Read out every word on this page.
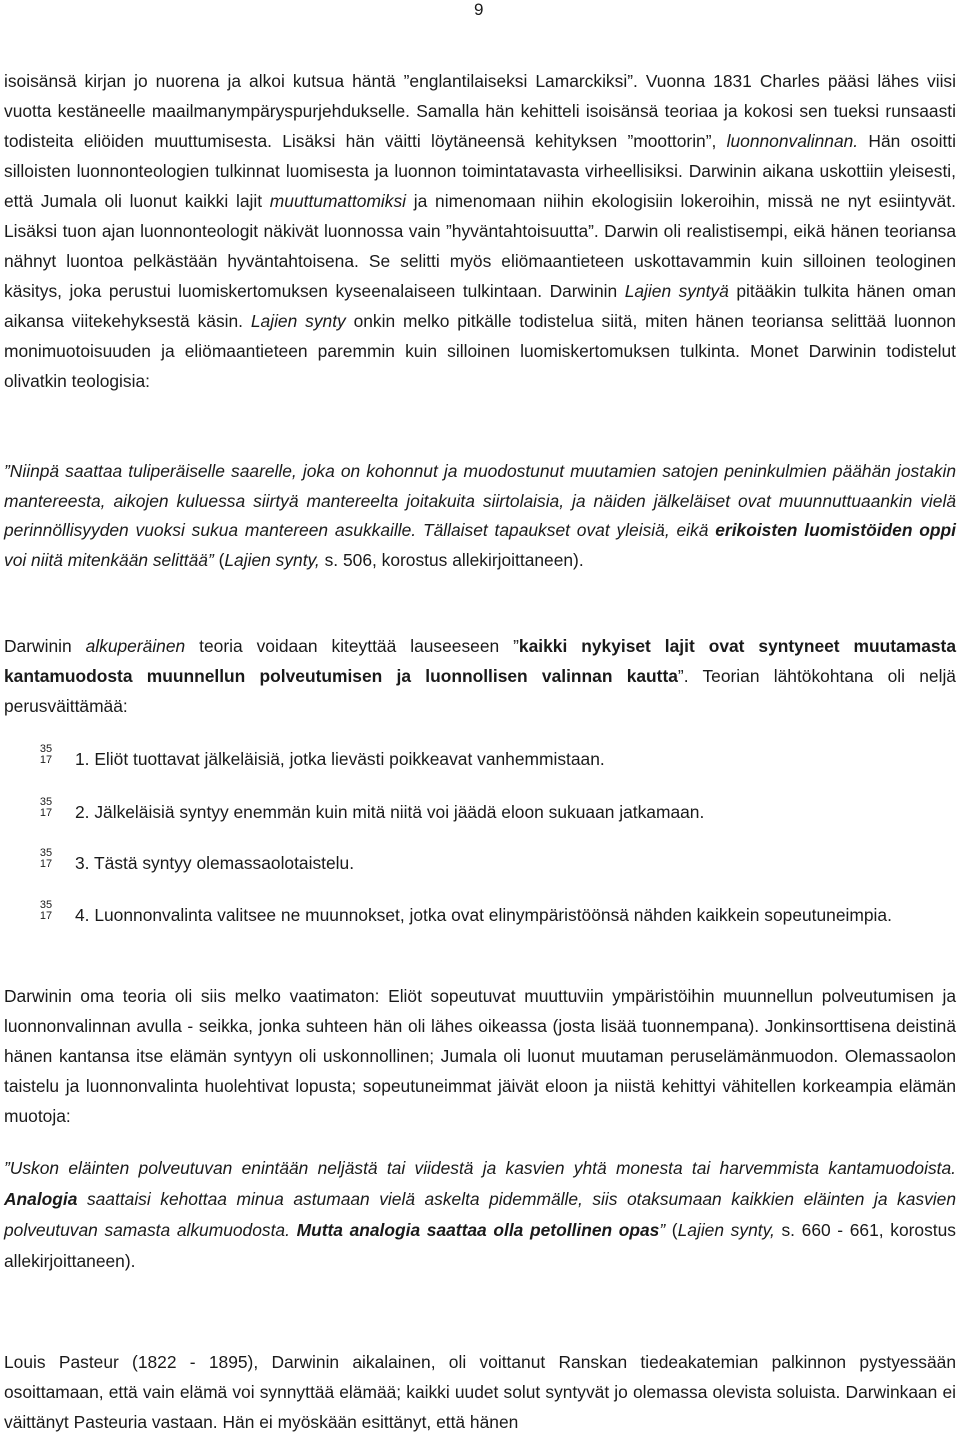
9

isoisänsä kirjan jo nuorena ja alkoi kutsua häntä ”englantilaiseksi Lamarckiksi”. Vuonna 1831 Charles pääsi lähes viisi vuotta kestäneelle maailmanympäryspurjehdukselle. Samalla hän kehitteli isoisänsä teoriaa ja kokosi sen tueksi runsaasti todisteita eliöiden muuttumisesta. Lisäksi hän väitti löytäneensä kehityksen ”moottorin”, luonnonvalinnan. Hän osoitti silloisten luonnonteologien tulkinnat luomisesta ja luonnon toimintatavasta virheellisiksi. Darwinin aikana uskottiin yleisesti, että Jumala oli luonut kaikki lajit muuttumattomiksi ja nimenomaan niihin ekologisiin lokeroihin, missä ne nyt esiintyvät. Lisäksi tuon ajan luonnonteologit näkivät luonnossa vain ”hyväntahtoisuutta”. Darwin oli realistisempi, eikä hänen teoriansa nähnyt luontoa pelkästään hyväntahtoisena. Se selitti myös eliömaantieteen uskottavammin kuin silloinen teologinen käsitys, joka perustui luomiskertomuksen kyseenalaiseen tulkintaan. Darwinin Lajien syntyä pitääkin tulkita hänen oman aikansa viitekehyksestä käsin. Lajien synty onkin melko pitkälle todistelua siitä, miten hänen teoriansa selittää luonnon monimuotoisuuden ja eliömaantieteen paremmin kuin silloinen luomiskertomuksen tulkinta. Monet Darwinin todistelut olivatkin teologisia:

”Niinpä saattaa tuliperäiselle saarelle, joka on kohonnut ja muodostunut muutamien satojen peninkulmien päähän jostakin mantereesta, aikojen kuluessa siirtyä mantereelta joitakuita siirtolaisia, ja näiden jälkeläiset ovat muunnuttuaankin vielä perinnöllisyyden vuoksi sukua mantereen asukkaille. Tällaiset tapaukset ovat yleisiä, eikä erikoisten luomistöiden oppi voi niitä mitenkään selittää” (Lajien synty, s. 506, korostus allekirjoittaneen).

Darwinin alkuperäinen teoria voidaan kiteyttää lauseeseen ”kaikki nykyiset lajit ovat syntyneet muutamasta kantamuodosta muunnellun polveutumisen ja luonnollisen valinnan kautta”. Teorian lähtökohtana oli neljä perusväittämää:

35
17 1. Eliöt tuottavat jälkeläisiä, jotka lievästi poikkeavat vanhemmistaan.

35
17 2. Jälkeläisiä syntyy enemmän kuin mitä niitä voi jäädä eloon sukuaan jatkamaan.

35
17 3. Tästä syntyy olemassaolotaistelu.

35
17 4. Luonnonvalinta valitsee ne muunnokset, jotka ovat elinympäristöönsä nähden kaikkein sopeutuneimpia.

Darwinin oma teoria oli siis melko vaatimaton: Eliöt sopeutuvat muuttuviin ympäristöihin muunnellun polveutumisen ja luonnonvalinnan avulla - seikka, jonka suhteen hän oli lähes oikeassa (josta lisää tuonnempana). Jonkinsorttisena deistinä hänen kantansa itse elämän syntyyn oli uskonnollinen; Jumala oli luonut muutaman peruselämänmuodon. Olemassaolon taistelu ja luonnonvalinta huolehtivat lopusta; sopeutuneimmat jäivät eloon ja niistä kehittyi vähitellen korkeampia elämän muotoja:

”Uskon eläinten polveutuvan enintään neljästä tai viidestä ja kasvien yhtä monesta tai harvemmista kantamuodoista. Analogia saattaisi kehottaa minua astumaan vielä askelta pidemmälle, siis otaksumaan kaikkien eläinten ja kasvien polveutuvan samasta alkumuodosta. Mutta analogia saattaa olla petollinen opas” (Lajien synty, s. 660 - 661, korostus allekirjoittaneen).

Louis Pasteur (1822 - 1895), Darwinin aikalainen, oli voittanut Ranskan tiedeakatemian palkinnon pystyessään osoittamaan, että vain elämä voi synnyttää elämää; kaikki uudet solut syntyvät jo olemassa olevista soluista. Darwinkaan ei väittänyt Pasteuria vastaan. Hän ei myöskään esittänyt, että hänen
